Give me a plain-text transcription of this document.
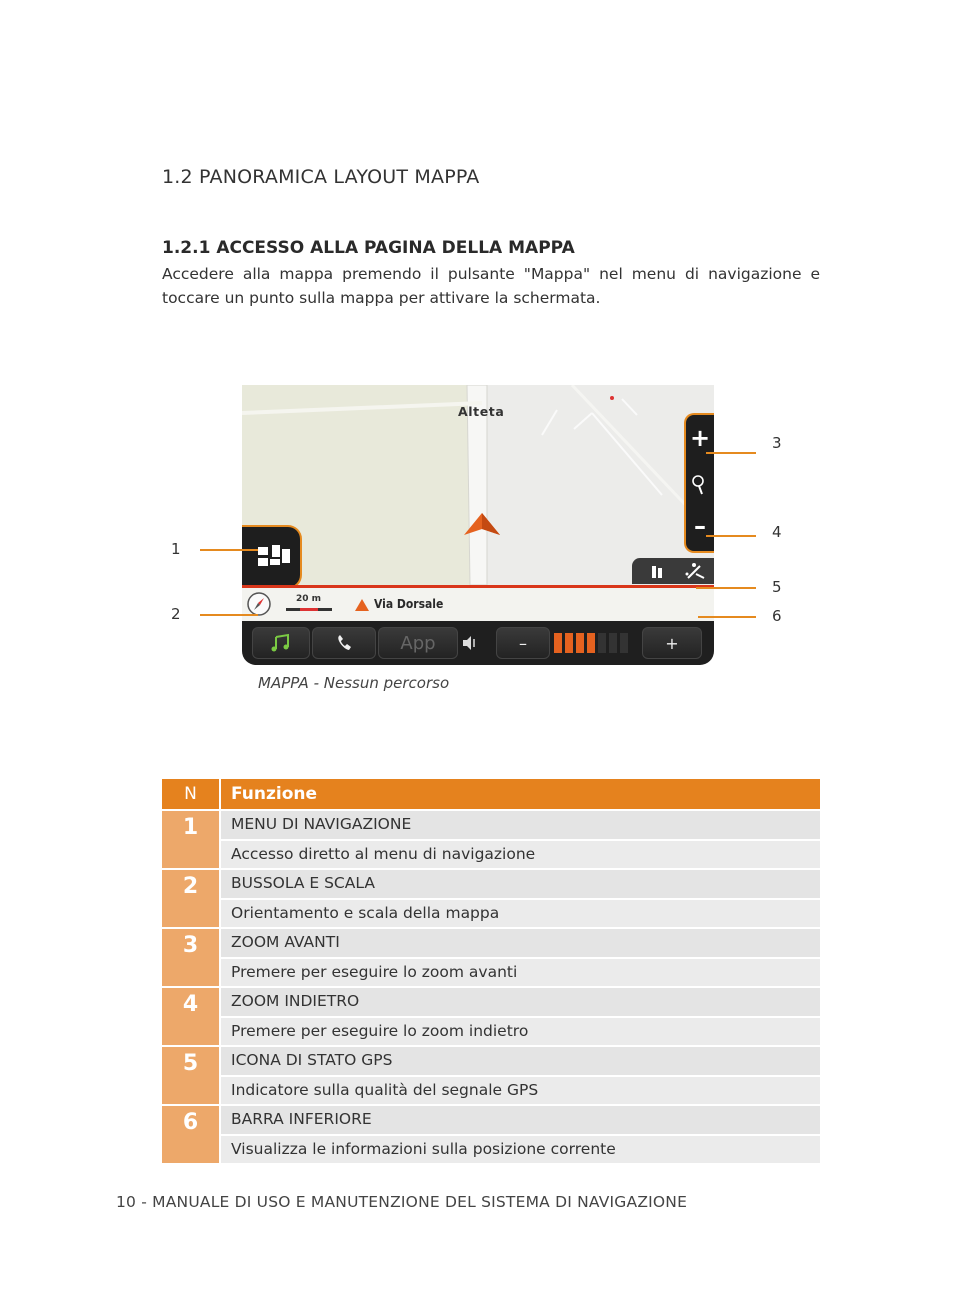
1.2 PANORAMICA LAYOUT MAPPA
1.2.1 ACCESSO ALLA PAGINA DELLA MAPPA
Accedere alla mappa premendo il pulsante "Mappa" nel menu di navigazione e toccare un punto sulla mappa per attivare la schermata.
Alteta
+
–
20 m	Via Dorsale
App	–	+
1
2
3
4
5
6
MAPPA - Nessun percorso
N	Funzione
1	MENU DI NAVIGAZIONE
Accesso diretto al menu di navigazione
2	BUSSOLA E SCALA
Orientamento e scala della mappa
3	ZOOM AVANTI
Premere per eseguire lo zoom avanti
4	ZOOM INDIETRO
Premere per eseguire lo zoom indietro
5	ICONA DI STATO GPS
Indicatore sulla qualità del segnale GPS
6	BARRA INFERIORE
Visualizza le informazioni sulla posizione corrente
10 - MANUALE DI USO E MANUTENZIONE DEL SISTEMA DI NAVIGAZIONE
